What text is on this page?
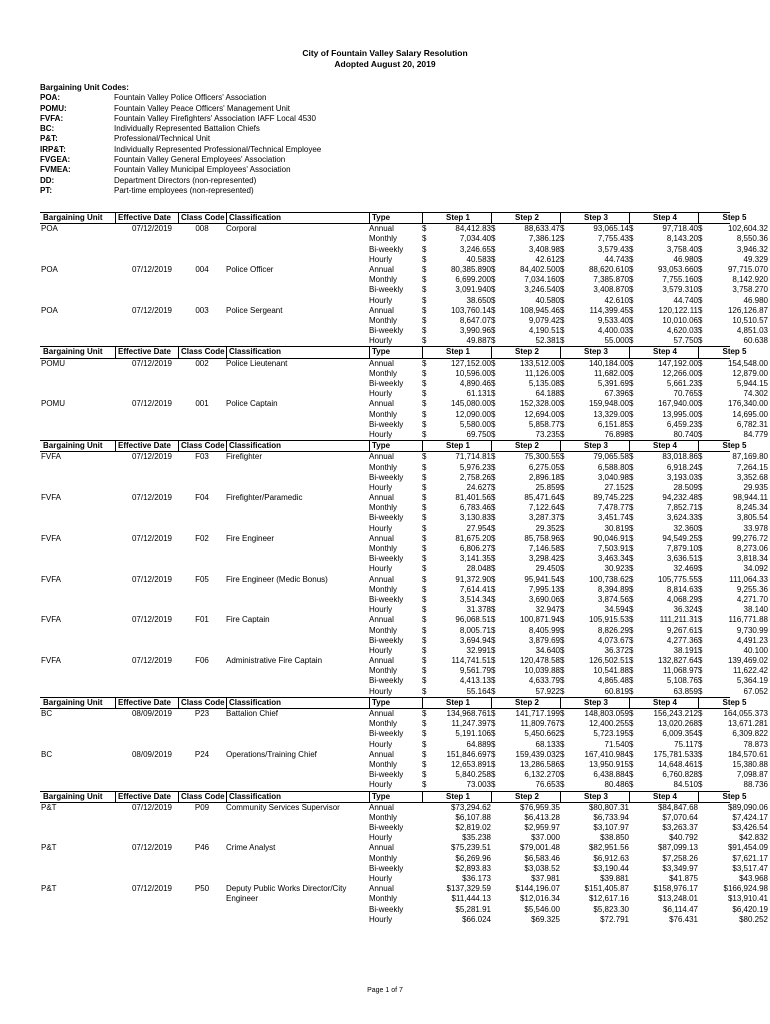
City of Fountain Valley Salary Resolution
Adopted August 20, 2019
Bargaining Unit Codes:
POA:	Fountain Valley Police Officers' Association
POMU:	Fountain Valley Peace Officers' Management Unit
FVFA:	Fountain Valley Firefighters' Association IAFF Local 4530
BC:	Individually Represented Battalion Chiefs
P&T:	Professional/Technical Unit
IRP&T:	Individually Represented Professional/Technical Employee
FVGEA:	Fountain Valley General Employees' Association
FVMEA:	Fountain Valley Municipal Employees' Association
DD:	Department Directors (non-represented)
PT:	Part-time employees (non-represented)
Bargaining Unit	Effective Date	Class Code Classification	Type	Step 1	Step 2	Step 3	Step 4	Step 5
POA	07/12/2019	008	Corporal	Annual	$	84,412.83 $	88,633.47 $	93,065.14 $	97,718.40 $	102,604.32
Monthly	$	7,034.40 $	7,386.12 $	7,755.43 $	8,143.20 $	8,550.36
Bi-weekly	$	3,246.65 $	3,408.98 $	3,579.43 $	3,758.40 $	3,946.32
Hourly	$	40.583 $	42.612 $	44.743 $	46.980 $	49.329
POA	07/12/2019	004	Police Officer	Annual	$	80,385.890 $	84,402.500 $	88,620.610 $	93,053.660 $	97,715.070
Monthly	$	6,699.200 $	7,034.160 $	7,385.870 $	7,755.160 $	8,142.920
Bi-weekly	$	3,091.940 $	3,246.540 $	3,408.870 $	3,579.310 $	3,758.270
Hourly	$	38.650 $	40.580 $	42.610 $	44.740 $	46.980
POA	07/12/2019	003	Police Sergeant	Annual	$	103,760.14 $	108,945.46 $	114,399.45 $	120,122.11 $	126,126.87
Monthly	$	8,647.07 $	9,079.42 $	9,533.40 $	10,010.06 $	10,510.57
Bi-weekly	$	3,990.96 $	4,190.51 $	4,400.03 $	4,620.03 $	4,851.03
Hourly	$	49.887 $	52.381 $	55.000 $	57.750 $	60.638
Bargaining Unit	Effective Date	Class Code Classification	Type	Step 1	Step 2	Step 3	Step 4	Step 5
POMU	07/12/2019	002	Police Lieutenant	Annual	$	127,152.00 $	133,512.00 $	140,184.00 $	147,192.00 $	154,548.00
Monthly	$	10,596.00 $	11,126.00 $	11,682.00 $	12,266.00 $	12,879.00
Bi-weekly	$	4,890.46 $	5,135.08 $	5,391.69 $	5,661.23 $	5,944.15
Hourly	$	61.131 $	64.188 $	67.396 $	70.765 $	74.302
POMU	07/12/2019	001	Police Captain	Annual	$	145,080.00 $	152,328.00 $	159,948.00 $	167,940.00 $	176,340.00
Monthly	$	12,090.00 $	12,694.00 $	13,329.00 $	13,995.00 $	14,695.00
Bi-weekly	$	5,580.00 $	5,858.77 $	6,151.85 $	6,459.23 $	6,782.31
Hourly	$	69.750 $	73.235 $	76.898 $	80.740 $	84.779
Bargaining Unit	Effective Date	Class Code Classification	Type	Step 1	Step 2	Step 3	Step 4	Step 5
FVFA	07/12/2019	F03	Firefighter	Annual	$	71,714.81 $	75,300.55 $	79,065.58 $	83,018.86 $	87,169.80
Monthly	$	5,976.23 $	6,275.05 $	6,588.80 $	6,918.24 $	7,264.15
Bi-weekly	$	2,758.26 $	2,896.18 $	3,040.98 $	3,193.03 $	3,352.68
Hourly	$	24.627 $	25.859 $	27.152 $	28.509 $	29.935
FVFA	07/12/2019	F04	Firefighter/Paramedic	Annual	$	81,401.56 $	85,471.64 $	89,745.22 $	94,232.48 $	98,944.11
Monthly	$	6,783.46 $	7,122.64 $	7,478.77 $	7,852.71 $	8,245.34
Bi-weekly	$	3,130.83 $	3,287.37 $	3,451.74 $	3,624.33 $	3,805.54
Hourly	$	27.954 $	29.352 $	30.819 $	32.360 $	33.978
FVFA	07/12/2019	F02	Fire Engineer	Annual	$	81,675.20 $	85,758.96 $	90,046.91 $	94,549.25 $	99,276.72
Monthly	$	6,806.27 $	7,146.58 $	7,503.91 $	7,879.10 $	8,273.06
Bi-weekly	$	3,141.35 $	3,298.42 $	3,463.34 $	3,636.51 $	3,818.34
Hourly	$	28.048 $	29.450 $	30.923 $	32.469 $	34.092
FVFA	07/12/2019	F05	Fire Engineer (Medic Bonus)	Annual	$	91,372.90 $	95,941.54 $	100,738.62 $	105,775.55 $	111,064.33
Monthly	$	7,614.41 $	7,995.13 $	8,394.89 $	8,814.63 $	9,255.36
Bi-weekly	$	3,514.34 $	3,690.06 $	3,874.56 $	4,068.29 $	4,271.70
Hourly	$	31.378 $	32.947 $	34.594 $	36.324 $	38.140
FVFA	07/12/2019	F01	Fire Captain	Annual	$	96,068.51 $	100,871.94 $	105,915.53 $	111,211.31 $	116,771.88
Monthly	$	8,005.71 $	8,405.99 $	8,826.29 $	9,267.61 $	9,730.99
Bi-weekly	$	3,694.94 $	3,879.69 $	4,073.67 $	4,277.36 $	4,491.23
Hourly	$	32.991 $	34.640 $	36.372 $	38.191 $	40.100
FVFA	07/12/2019	F06	Administrative Fire Captain	Annual	$	114,741.51 $	120,478.58 $	126,502.51 $	132,827.64 $	139,469.02
Monthly	$	9,561.79 $	10,039.88 $	10,541.88 $	11,068.97 $	11,622.42
Bi-weekly	$	4,413.13 $	4,633.79 $	4,865.48 $	5,108.76 $	5,364.19
Hourly	$	55.164 $	57.922 $	60.819 $	63.859 $	67.052
Bargaining Unit	Effective Date	Class Code Classification	Type	Step 1	Step 2	Step 3	Step 4	Step 5
BC	08/09/2019	P23	Battalion Chief	Annual	$	134,968.761 $	141,717.199 $	148,803.059 $	156,243.212 $	164,055.373
Monthly	$	11,247.397 $	11,809.767 $	12,400.255 $	13,020.268 $	13,671.281
Bi-weekly	$	5,191.106 $	5,450.662 $	5,723.195 $	6,009.354 $	6,309.822
Hourly	$	64.889 $	68.133 $	71.540 $	75.117 $	78.873
BC	08/09/2019	P24	Operations/Training Chief	Annual	$	151,846.697 $	159,439.032 $	167,410.984 $	175,781.533 $	184,570.61
Monthly	$	12,653.891 $	13,286.586 $	13,950.915 $	14,648.461 $	15,380.88
Bi-weekly	$	5,840.258 $	6,132.270 $	6,438.884 $	6,760.828 $	7,098.87
Hourly	$	73.003 $	76.653 $	80.486 $	84.510 $	88.736
Bargaining Unit	Effective Date	Class Code Classification	Type	Step 1	Step 2	Step 3	Step 4	Step 5
P&T	07/12/2019	P09	Community Services Supervisor	Annual	$73,294.62	$76,959.35	$80,807.31	$84,847.68	$89,090.06
Monthly	$6,107.88	$6,413.28	$6,733.94	$7,070.64	$7,424.17
Bi-weekly	$2,819.02	$2,959.97	$3,107.97	$3,263.37	$3,426.54
Hourly	$35.238	$37.000	$38.850	$40.792	$42.832
P&T	07/12/2019	P46	Crime Analyst	Annual	$75,239.51	$79,001.48	$82,951.56	$87,099.13	$91,454.09
Monthly	$6,269.96	$6,583.46	$6,912.63	$7,258.26	$7,621.17
Bi-weekly	$2,893.83	$3,038.52	$3,190.44	$3,349.97	$3,517.47
Hourly	$36.173	$37.981	$39.881	$41.875	$43.968
P&T	07/12/2019	P50	Deputy Public Works Director/City	Annual	$137,329.59	$144,196.07	$151,405.87	$158,976.17	$166,924.98
Engineer	Monthly	$11,444.13	$12,016.34	$12,617.16	$13,248.01	$13,910.41
Bi-weekly	$5,281.91	$5,546.00	$5,823.30	$6,114.47	$6,420.19
Hourly	$66.024	$69.325	$72.791	$76.431	$80.252
Page 1 of 7
